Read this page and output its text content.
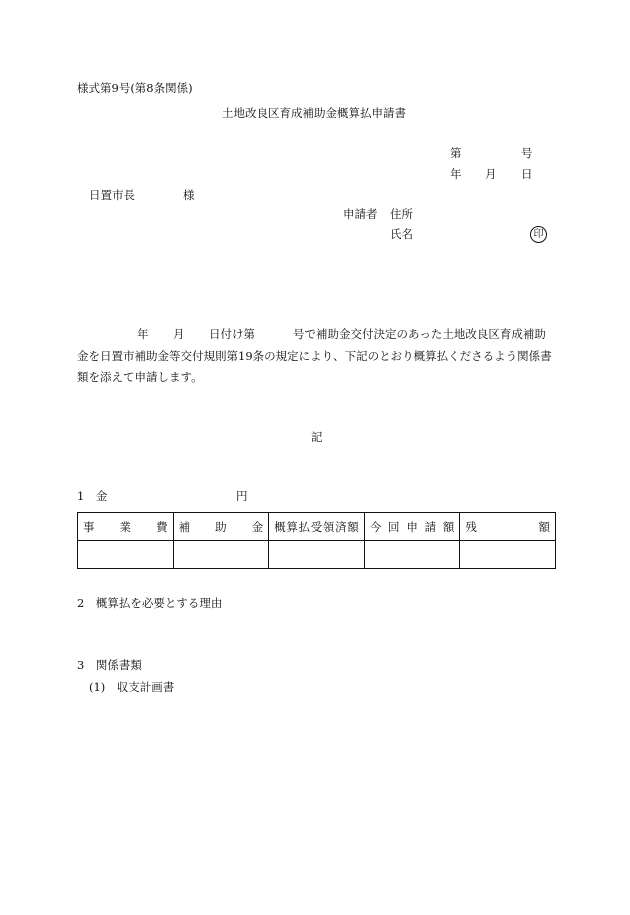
様式第9号(第8条関係)
土地改良区育成補助金概算払申請書
第	号
年 月 日
日置市長	様
申請者 住所
氏名	印
年 月 日付け第	号で補助金交付決定のあった土地改良区育成補助
金を日置市補助金等交付規則第19条の規定により、下記のとおり概算払くださるよう関係書
類を添えて申請します。
記
1　金	円
事業費	補助金	概算払受領済額	今回申請額	残額

2　概算払を必要とする理由
3　関係書類
(1)　収支計画書
